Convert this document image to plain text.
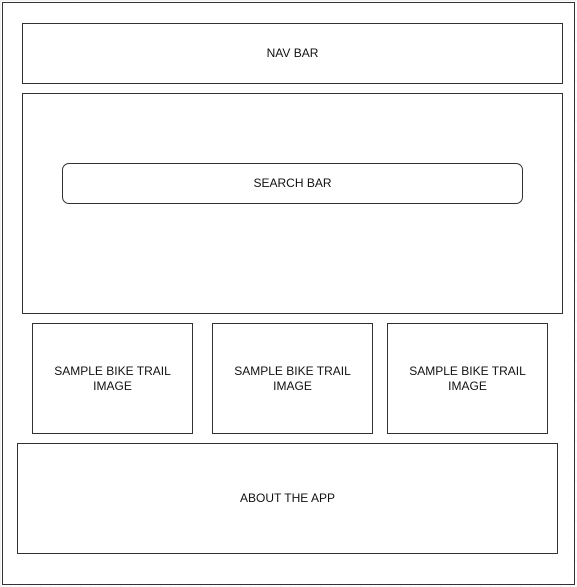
NAV BAR
SEARCH BAR
SAMPLE BIKE TRAIL IMAGE
SAMPLE BIKE TRAIL IMAGE
SAMPLE BIKE TRAIL IMAGE
ABOUT THE APP
